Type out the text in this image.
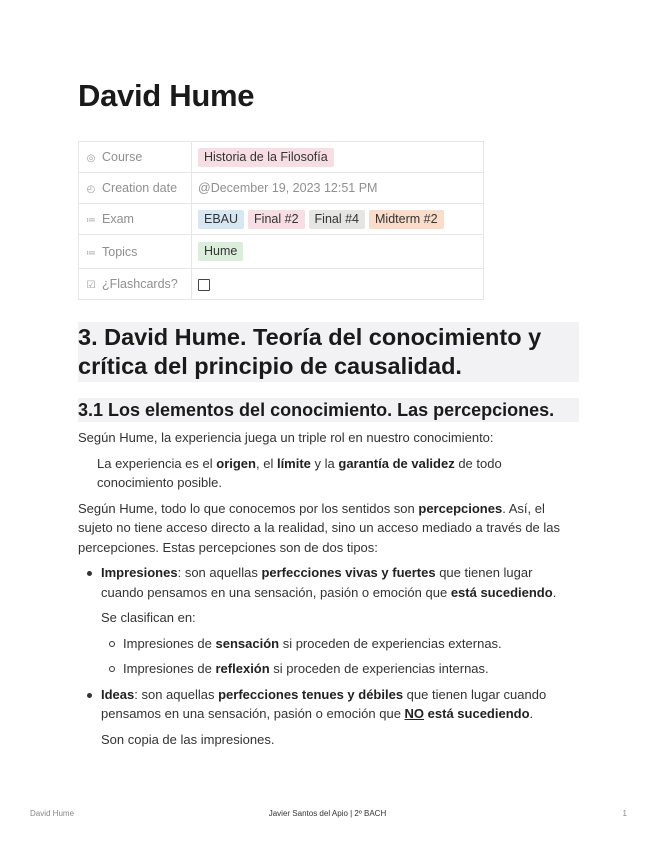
David Hume
◎ Course	Historia de la Filosofía
◴ Creation date	@December 19, 2023 12:51 PM
≔ Exam	EBAU Final #2 Final #4 Midterm #2
≔ Topics	Hume
☑ ¿Flashcards?	
3. David Hume. Teoría del conocimiento y crítica del principio de causalidad.
3.1 Los elementos del conocimiento. Las percepciones.

Según Hume, la experiencia juega un triple rol en nuestro conocimiento:

La experiencia es el origen, el límite y la garantía de validez de todo conocimiento posible.

Según Hume, todo lo que conocemos por los sentidos son percepciones. Así, el sujeto no tiene acceso directo a la realidad, sino un acceso mediado a través de las percepciones. Estas percepciones son de dos tipos:

Impresiones: son aquellas perfecciones vivas y fuertes que tienen lugar cuando pensamos en una sensación, pasión o emoción que está sucediendo.
Se clasifican en:
Impresiones de sensación si proceden de experiencias externas.
Impresiones de reflexión si proceden de experiencias internas.
Ideas: son aquellas perfecciones tenues y débiles que tienen lugar cuando pensamos en una sensación, pasión o emoción que NO está sucediendo.
Son copia de las impresiones.
David Hume	Javier Santos del Apio | 2º BACH	1
